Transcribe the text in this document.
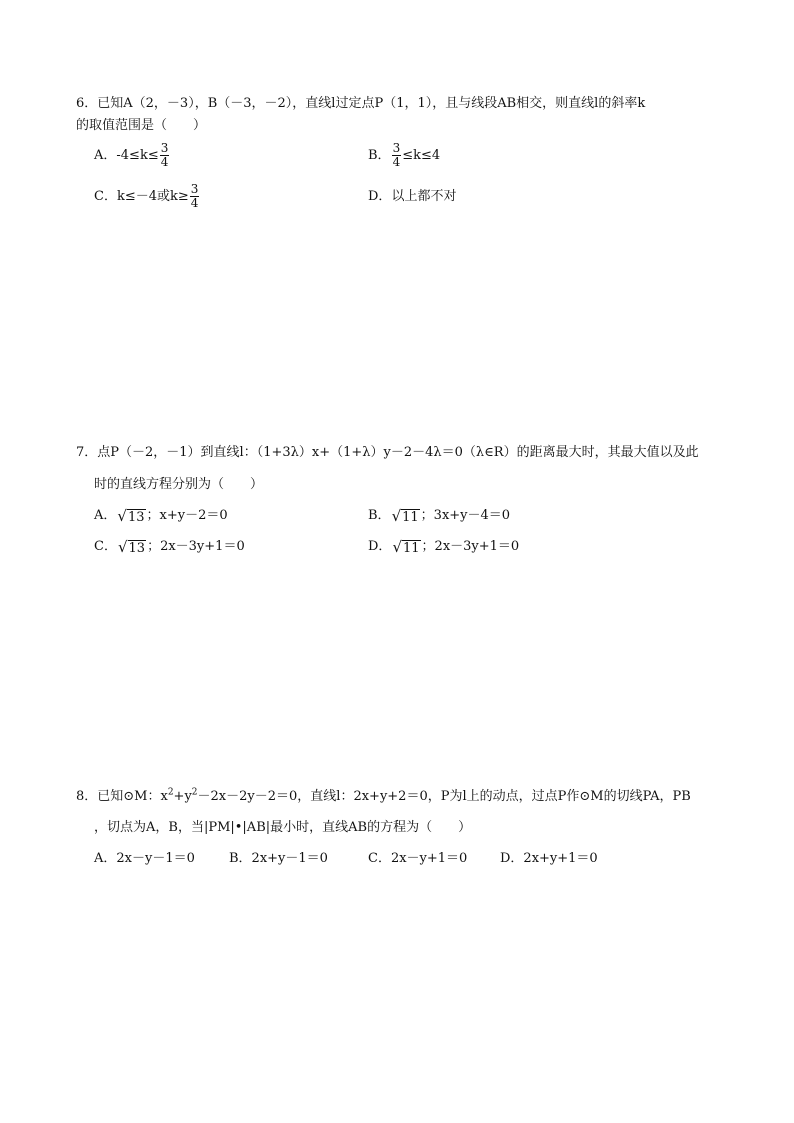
6．已知A（2，－3），B（－3，－2），直线l过定点P（1，1），且与线段AB相交，则直线l的斜率k
的取值范围是（　　）
A． $-4\le k\le \frac{3}{4}$	B． $\frac{3}{4} \le k\le 4$
C． k≤－4或$k\ge \frac{3}{4}$	D． 以上都不对
7．点P（－2，－1）到直线l：（1+3λ）x+（1+λ）y－2－4λ＝0（λ∈R）的距离最大时，其最大值以及此
时的直线方程分别为（　　）
A． √ 13 ；x+y－2＝0	B． √ 11 ；3x+y－4＝0
C． √ 13 ；2x－3y+1＝0	D． √ 11 ；2x－3y+1＝0
8．已知⊙M：$x^2+y^2-2x-2y-2=0$，直线l：2x+y+2＝0，P为l上的动点，过点P作⊙M的切线PA，PB
，切点为A，B，当|PM|•|AB|最小时，直线AB的方程为（　　）
A．2x－y－1＝0	B．2x+y－1＝0	C．2x－y+1＝0	D．2x+y+1＝0
